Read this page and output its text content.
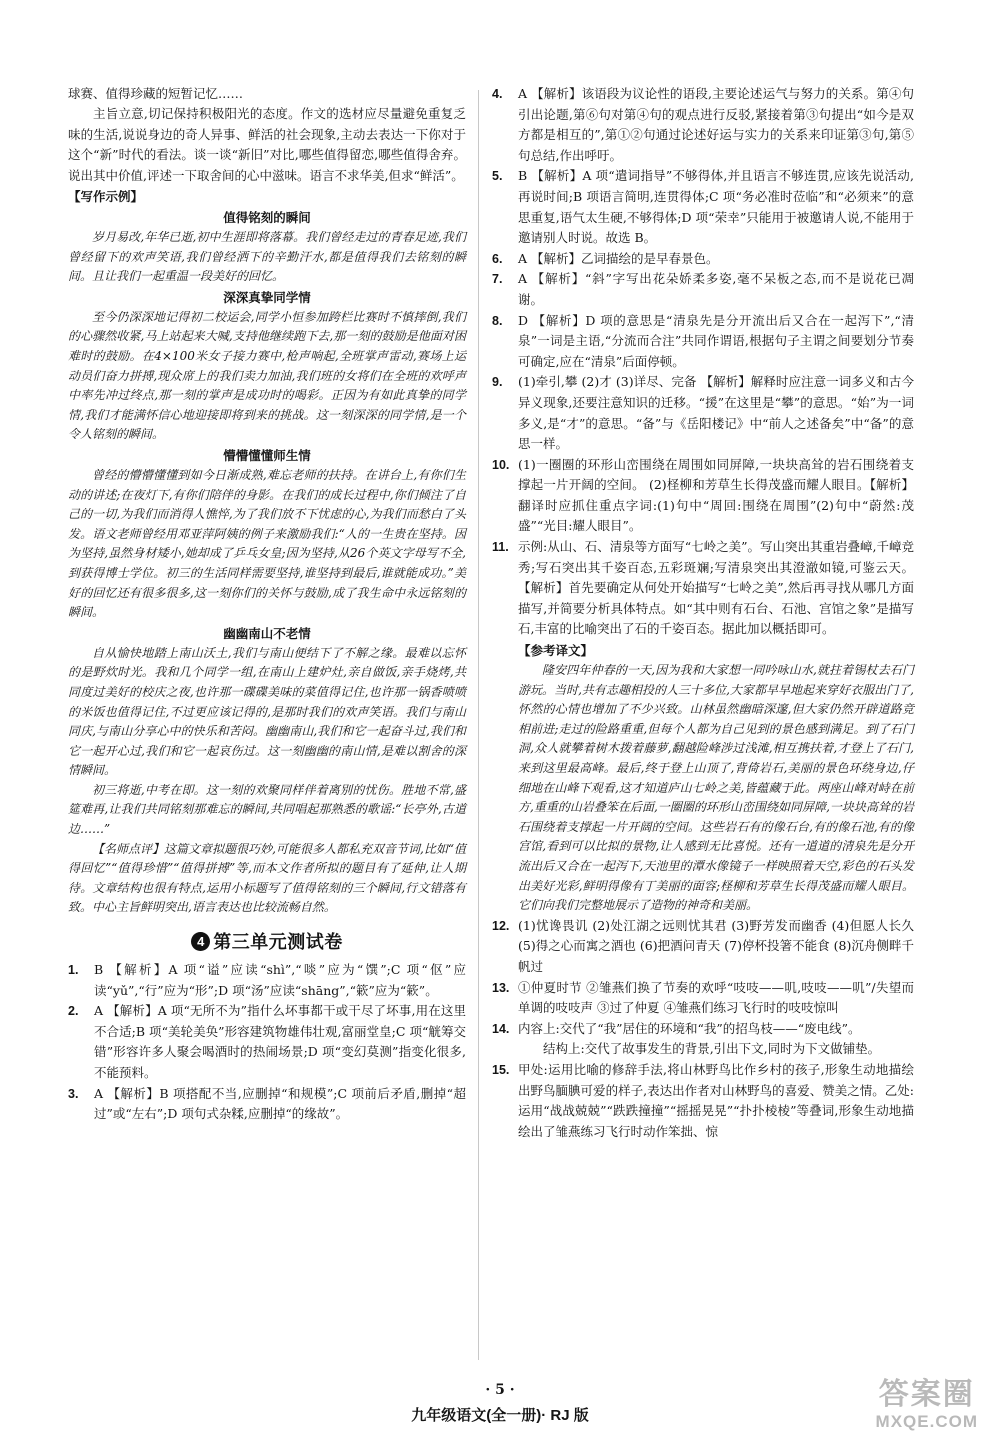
球赛、值得珍藏的短暂记忆……

主旨立意,切记保持积极阳光的态度。作文的选材应尽量避免重复乏味的生活,说说身边的奇人异事、鲜活的社会现象,主动去表达一下你对于这个“新”时代的看法。谈一谈“新旧”对比,哪些值得留恋,哪些值得舍弃。说出其中价值,评述一下取舍间的心中滋味。语言不求华美,但求“鲜活”。

【写作示例】

值得铭刻的瞬间

岁月易改,年华已逝,初中生涯即将落幕。我们曾经走过的青春足迹,我们曾经留下的欢声笑语,我们曾经洒下的辛勤汗水,都是值得我们去铭刻的瞬间。且让我们一起重温一段美好的回忆。

深深真挚同学情

至今仍深深地记得初二校运会,同学小恒参加跨栏比赛时不慎摔倒,我们的心骤然收紧,马上站起来大喊,支持他继续跑下去,那一刻的鼓励是他面对困难时的鼓励。在4×100米女子接力赛中,枪声响起,全班掌声雷动,赛场上运动员们奋力拼搏,现众席上的我们卖力加油,我们班的女将们在全班的欢呼声中率先冲过终点,那一刻的掌声是成功时的喝彩。正因为有如此真挚的同学情,我们才能满怀信心地迎接即将到来的挑战。这一刻深深的同学情,是一个令人铭刻的瞬间。

懵懵懂懂师生情

曾经的懵懵懂懂到如今日渐成熟,难忘老师的扶持。在讲台上,有你们生动的讲述;在夜灯下,有你们陪伴的身影。在我们的成长过程中,你们倾注了自己的一切,为我们而消得人憔悴,为了我们放不下忧虑的心,为我们而愁白了头发。语文老师曾经用邓亚萍阿姨的例子来激励我们:“人的一生贵在坚持。因为坚持,虽然身材矮小,她却成了乒乓女皇;因为坚持,从26个英文字母写不全,到获得博士学位。初三的生活同样需要坚持,谁坚持到最后,谁就能成功。”美好的回忆还有很多很多,这一刻你们的关怀与鼓励,成了我生命中永远铭刻的瞬间。

幽幽南山不老情

自从愉快地踏上南山沃土,我们与南山便结下了不解之缘。最难以忘怀的是野炊时光。我和几个同学一组,在南山上建炉灶,亲自做饭,亲手烧烤,共同度过美好的校庆之夜,也许那一碟碟美味的菜值得记住,也许那一锅香喷喷的米饭也值得记住,不过更应该记得的,是那时我们的欢声笑语。我们与南山同庆,与南山分享心中的快乐和苦闷。幽幽南山,我们和它一起奋斗过,我们和它一起开心过,我们和它一起哀伤过。这一刻幽幽的南山情,是难以割舍的深情瞬间。

初三将逝,中考在即。这一刻的欢聚同样伴着离别的忧伤。胜地不常,盛筵难再,让我们共同铭刻那难忘的瞬间,共同唱起那熟悉的歌谣:“长亭外,古道边……”

【名师点评】这篇文章拟题很巧妙,可能很多人都私充双音节词,比如“值得回忆”“值得珍惜”“值得拼搏”等,而本文作者所拟的题目有了延伸,让人期待。文章结构也很有特点,运用小标题写了值得铭刻的三个瞬间,行文错落有致。中心主旨鲜明突出,语言表达也比较流畅自然。

4 第三单元测试卷
1.	B 【解析】A 项“谥”应读“shì”,“啖”应为“馔”;C 项“伛”应读“yǔ”,“行”应为“形”;D 项“汤”应读“shāng”,“簌”应为“簌”。
2.	A 【解析】A 项“无所不为”指什么坏事都干或干尽了坏事,用在这里不合适;B 项“美轮美奂”形容建筑物雄伟壮观,富丽堂皇;C 项“觥筹交错”形容许多人聚会喝酒时的热闹场景;D 项“变幻莫测”指变化很多,不能预料。
3.	A 【解析】B 项搭配不当,应删掉“和规模”;C 项前后矛盾,删掉“超过”或“左右”;D 项句式杂糅,应删掉“的缘故”。
4.	A 【解析】该语段为议论性的语段,主要论述运气与努力的关系。第④句引出论题,第⑥句对第④句的观点进行反驳,紧接着第③句提出“如今是双方都是相互的”,第①②句通过论述好运与实力的关系来印证第③句,第⑤句总结,作出呼吁。
5.	B 【解析】A 项“遣词指导”不够得体,并且语言不够连贯,应该先说活动,再说时间;B 项语言简明,连贯得体;C 项“务必准时莅临”和“必须来”的意思重复,语气太生硬,不够得体;D 项“荣幸”只能用于被邀请人说,不能用于邀请别人时说。故选 B。
6.	A 【解析】乙词描绘的是早春景色。
7.	A 【解析】“斜”字写出花朵娇柔多姿,毫不呆板之态,而不是说花已凋谢。
8.	D 【解析】D 项的意思是“清泉先是分开流出后又合在一起泻下”,“清泉”一词是主语,“分流而合注”共同作谓语,根据句子主谓之间要划分节奏可确定,应在“清泉”后面停顿。
9.	(1)牵引,攀 (2)才 (3)详尽、完备 【解析】解释时应注意一词多义和古今异义现象,还要注意知识的迁移。“援”在这里是“攀”的意思。“始”为一词多义,是“才”的意思。“备”与《岳阳楼记》中“前人之述备矣”中“备”的意思一样。
10. (1)一圈圈的环形山峦围绕在周围如同屏障,一块块高耸的岩石围绕着支撑起一片开阔的空间。 (2)柽柳和芳草生长得茂盛而耀人眼目。【解析】翻译时应抓住重点字词:(1)句中“周回:围绕在周围”(2)句中“蔚然:茂盛”“光目:耀人眼目”。
11. 示例:从山、石、清泉等方面写“七岭之美”。写山突出其重岩叠嶂,千嶂竞秀;写石突出其千姿百态,五彩斑斓;写清泉突出其澄澈如镜,可鉴云天。【解析】首先要确定从何处开始描写“七岭之美”,然后再寻找从哪几方面描写,并简要分析具体特点。如“其中则有石台、石池、宫馆之象”是描写石,丰富的比喻突出了石的千姿百态。据此加以概括即可。

【参考译文】

隆安四年仲春的一天,因为我和大家想一同吟咏山水,就拄着锡杖去石门游玩。当时,共有志趣相投的人三十多位,大家都早早地起来穿好衣服出门了,怀然的心情也增加了不少兴致。山林虽然幽暗深邃,但大家仍然开辟道路竞相前进;走过的险路重重,但每个人都为自己见到的景色感到满足。到了石门洞,众人就攀着树木拨着藤萝,翻越险峰涉过浅滩,相互携扶着,才登上了石门,来到这里最高峰。最后,终于登上山顶了,背倚岩石,美丽的景色环绕身边,仔细地在山峰下观看,这才知道庐山七岭之美,皆蕴藏于此。两座山峰对峙在前方,重重的山岩叠笨在后面,一圈圈的环形山峦围绕如同屏障,一块块高耸的岩石围绕着支撑起一片开阔的空间。这些岩石有的像石台,有的像石池,有的像宫馆,看到可以比拟的景物,让人感到无比喜悦。还有一道道的清泉先是分开流出后又合在一起泻下,天池里的潭水像镜子一样映照着天空,彩色的石头发出美好光彩,鲜明得像有丁美丽的面容;柽柳和芳草生长得茂盛而耀人眼目。它们向我们完整地展示了造物的神奇和美丽。

12. (1)忧谗畏讥 (2)处江湖之远则忧其君 (3)野芳发而幽香 (4)但愿人长久 (5)得之心而寓之酒也 (6)把酒问青天 (7)停杯投箸不能食 (8)沉舟侧畔千帆过
13. ①仲夏时节 ②雏燕们换了节奏的欢呼“吱吱——叽,吱吱——叽”/失望而单调的吱吱声 ③过了仲夏 ④雏燕们练习飞行时的吱吱惊叫
14. 内容上:交代了“我”居住的环境和“我”的招鸟枝——“废电线”。

结构上:交代了故事发生的背景,引出下文,同时为下文做铺垫。

15. 甲处:运用比喻的修辞手法,将山林野鸟比作乡村的孩子,形象生动地描绘出野鸟腼腆可爱的样子,表达出作者对山林野鸟的喜爱、赞美之情。乙处:运用“战战兢兢”“跌跌撞撞”“摇摇晃晃”“扑扑棱棱”等叠词,形象生动地描绘出了雏燕练习飞行时动作笨拙、惊
· 5 ·
九年级语文(全一册)· RJ 版
答案圈
MXQE.COM
